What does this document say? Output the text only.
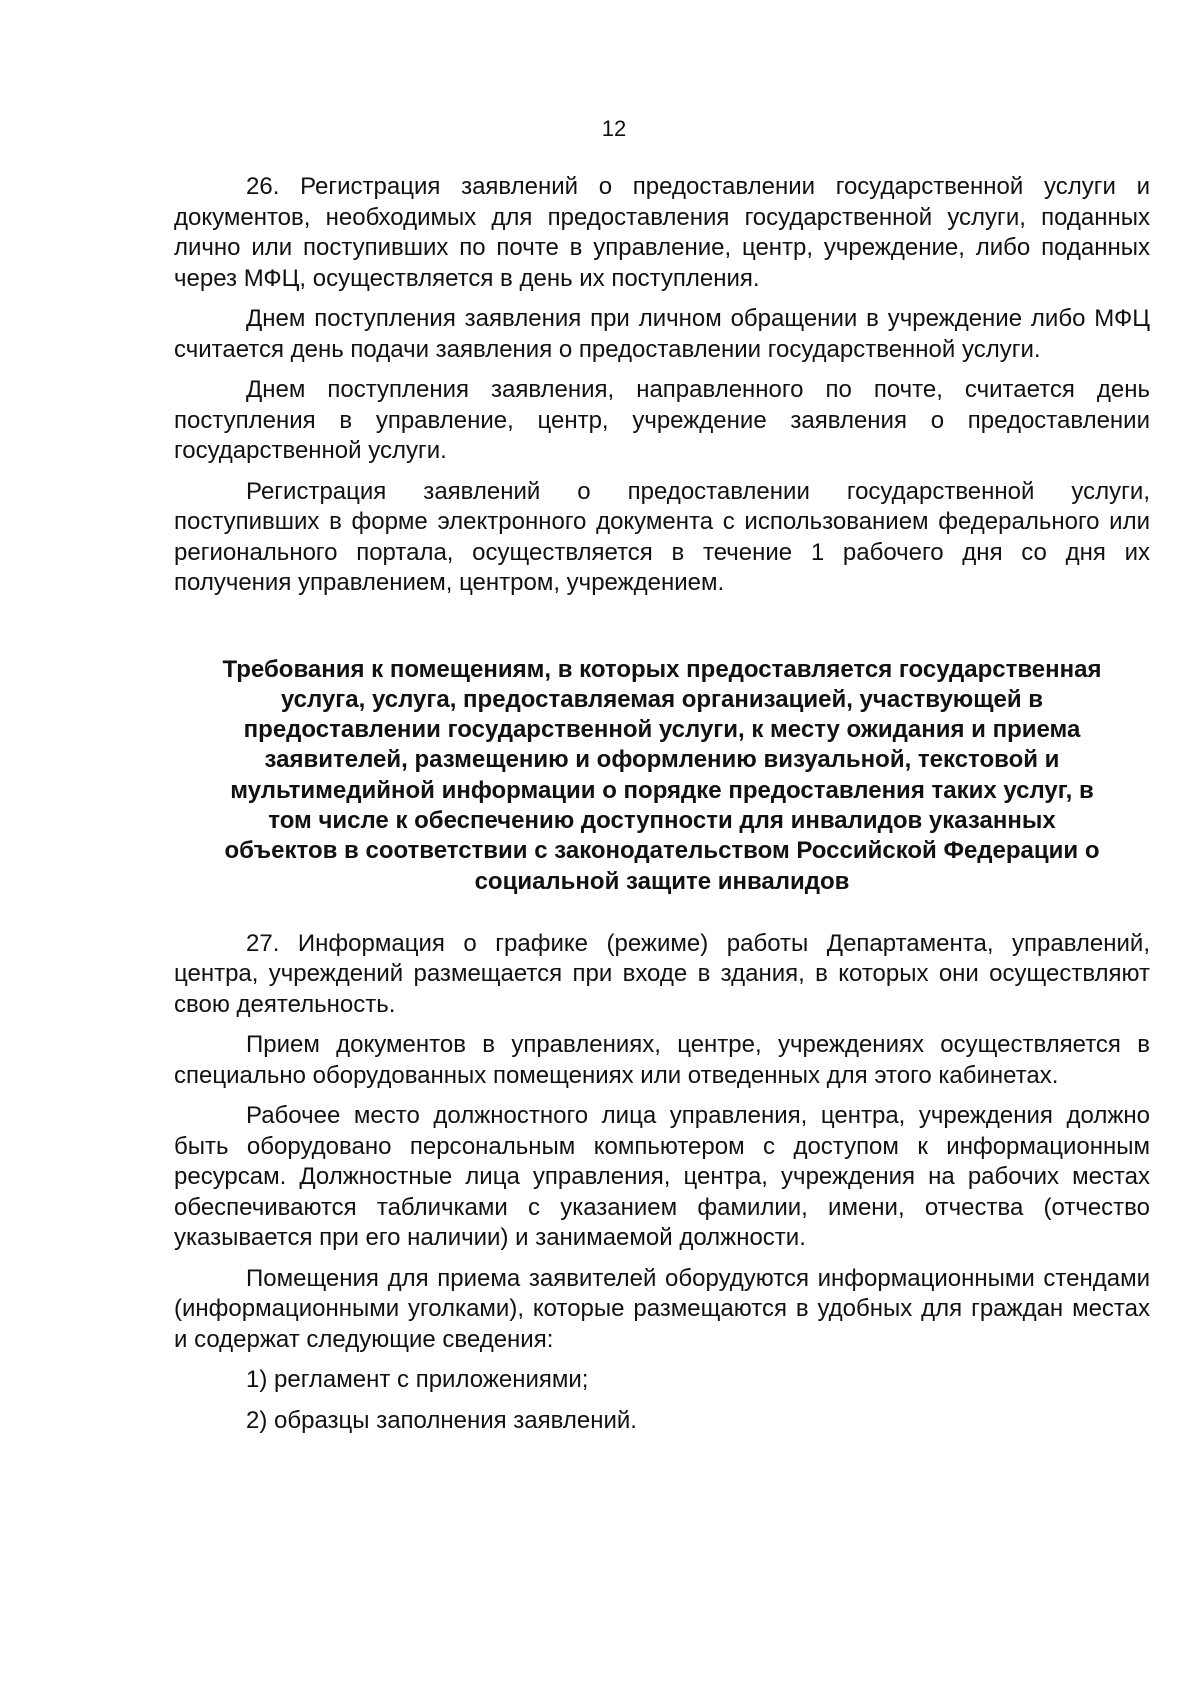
12

26. Регистрация заявлений о предоставлении государственной услуги и документов, необходимых для предоставления государственной услуги, поданных лично или поступивших по почте в управление, центр, учреждение, либо поданных через МФЦ, осуществляется в день их поступления.

Днем поступления заявления при личном обращении в учреждение либо МФЦ считается день подачи заявления о предоставлении государственной услуги.

Днем поступления заявления, направленного по почте, считается день поступления в управление, центр, учреждение заявления о предоставлении государственной услуги.

Регистрация заявлений о предоставлении государственной услуги, поступивших в форме электронного документа с использованием федерального или регионального портала, осуществляется в течение 1 рабочего дня со дня их получения управлением, центром, учреждением.

Требования к помещениям, в которых предоставляется государственная услуга, услуга, предоставляемая организацией, участвующей в предоставлении государственной услуги, к месту ожидания и приема заявителей, размещению и оформлению визуальной, текстовой и мультимедийной информации о порядке предоставления таких услуг, в том числе к обеспечению доступности для инвалидов указанных объектов в соответствии с законодательством Российской Федерации о социальной защите инвалидов

27. Информация о графике (режиме) работы Департамента, управлений, центра, учреждений размещается при входе в здания, в которых они осуществляют свою деятельность.

Прием документов в управлениях, центре, учреждениях осуществляется в специально оборудованных помещениях или отведенных для этого кабинетах.

Рабочее место должностного лица управления, центра, учреждения должно быть оборудовано персональным компьютером с доступом к информационным ресурсам. Должностные лица управления, центра, учреждения на рабочих местах обеспечиваются табличками с указанием фамилии, имени, отчества (отчество указывается при его наличии) и занимаемой должности.

Помещения для приема заявителей оборудуются информационными стендами (информационными уголками), которые размещаются в удобных для граждан местах и содержат следующие сведения:

1) регламент с приложениями;

2) образцы заполнения заявлений.
